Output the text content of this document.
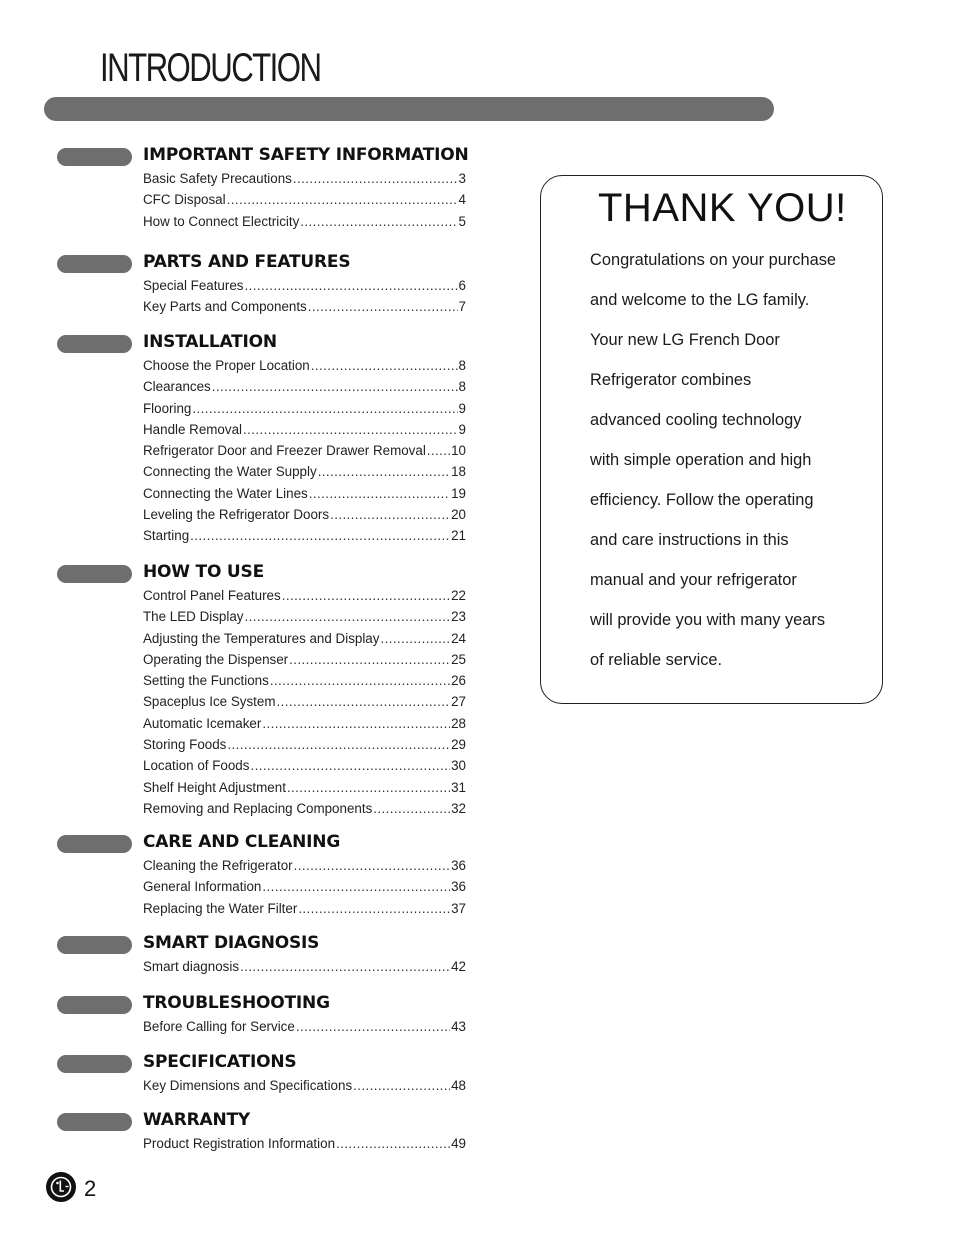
INTRODUCTION
IMPORTANT SAFETY INFORMATION
Basic Safety Precautions .....	3
CFC Disposal .....	4
How to Connect Electricity .....	5
PARTS AND FEATURES
Special Features .....	6
Key Parts and Components .....	7
INSTALLATION
Choose the Proper Location .....	8
Clearances .....	8
Flooring .....	9
Handle Removal .....	9
Refrigerator Door and Freezer Drawer Removal ..... 10
Connecting the Water Supply .....	18
Connecting the Water Lines .....	19
Leveling the Refrigerator Doors .....	20
Starting .....	21
HOW TO USE
Control Panel Features .....	22
The LED Display .....	23
Adjusting the Temperatures and Display .....	24
Operating the Dispenser .....	25
Setting the Functions .....	26
Spaceplus Ice System .....	27
Automatic Icemaker .....	28
Storing Foods .....	29
Location of Foods .....	30
Shelf Height Adjustment .....	31
Removing and Replacing Components .....	32
CARE AND CLEANING
Cleaning the Refrigerator .....	36
General Information .....	36
Replacing the Water Filter .....	37
SMART DIAGNOSIS
Smart diagnosis .....	42
TROUBLESHOOTING
Before Calling for Service .....	43
SPECIFICATIONS
Key Dimensions and Specifications .....	48
WARRANTY
Product Registration Information .....	49
THANK YOU!
Congratulations on your purchase
and welcome to the LG family.
Your new LG French Door
Refrigerator combines
advanced cooling technology
with simple operation and high
efficiency. Follow the operating
and care instructions in this
manual and your refrigerator
will provide you with many years
of reliable service.
2
